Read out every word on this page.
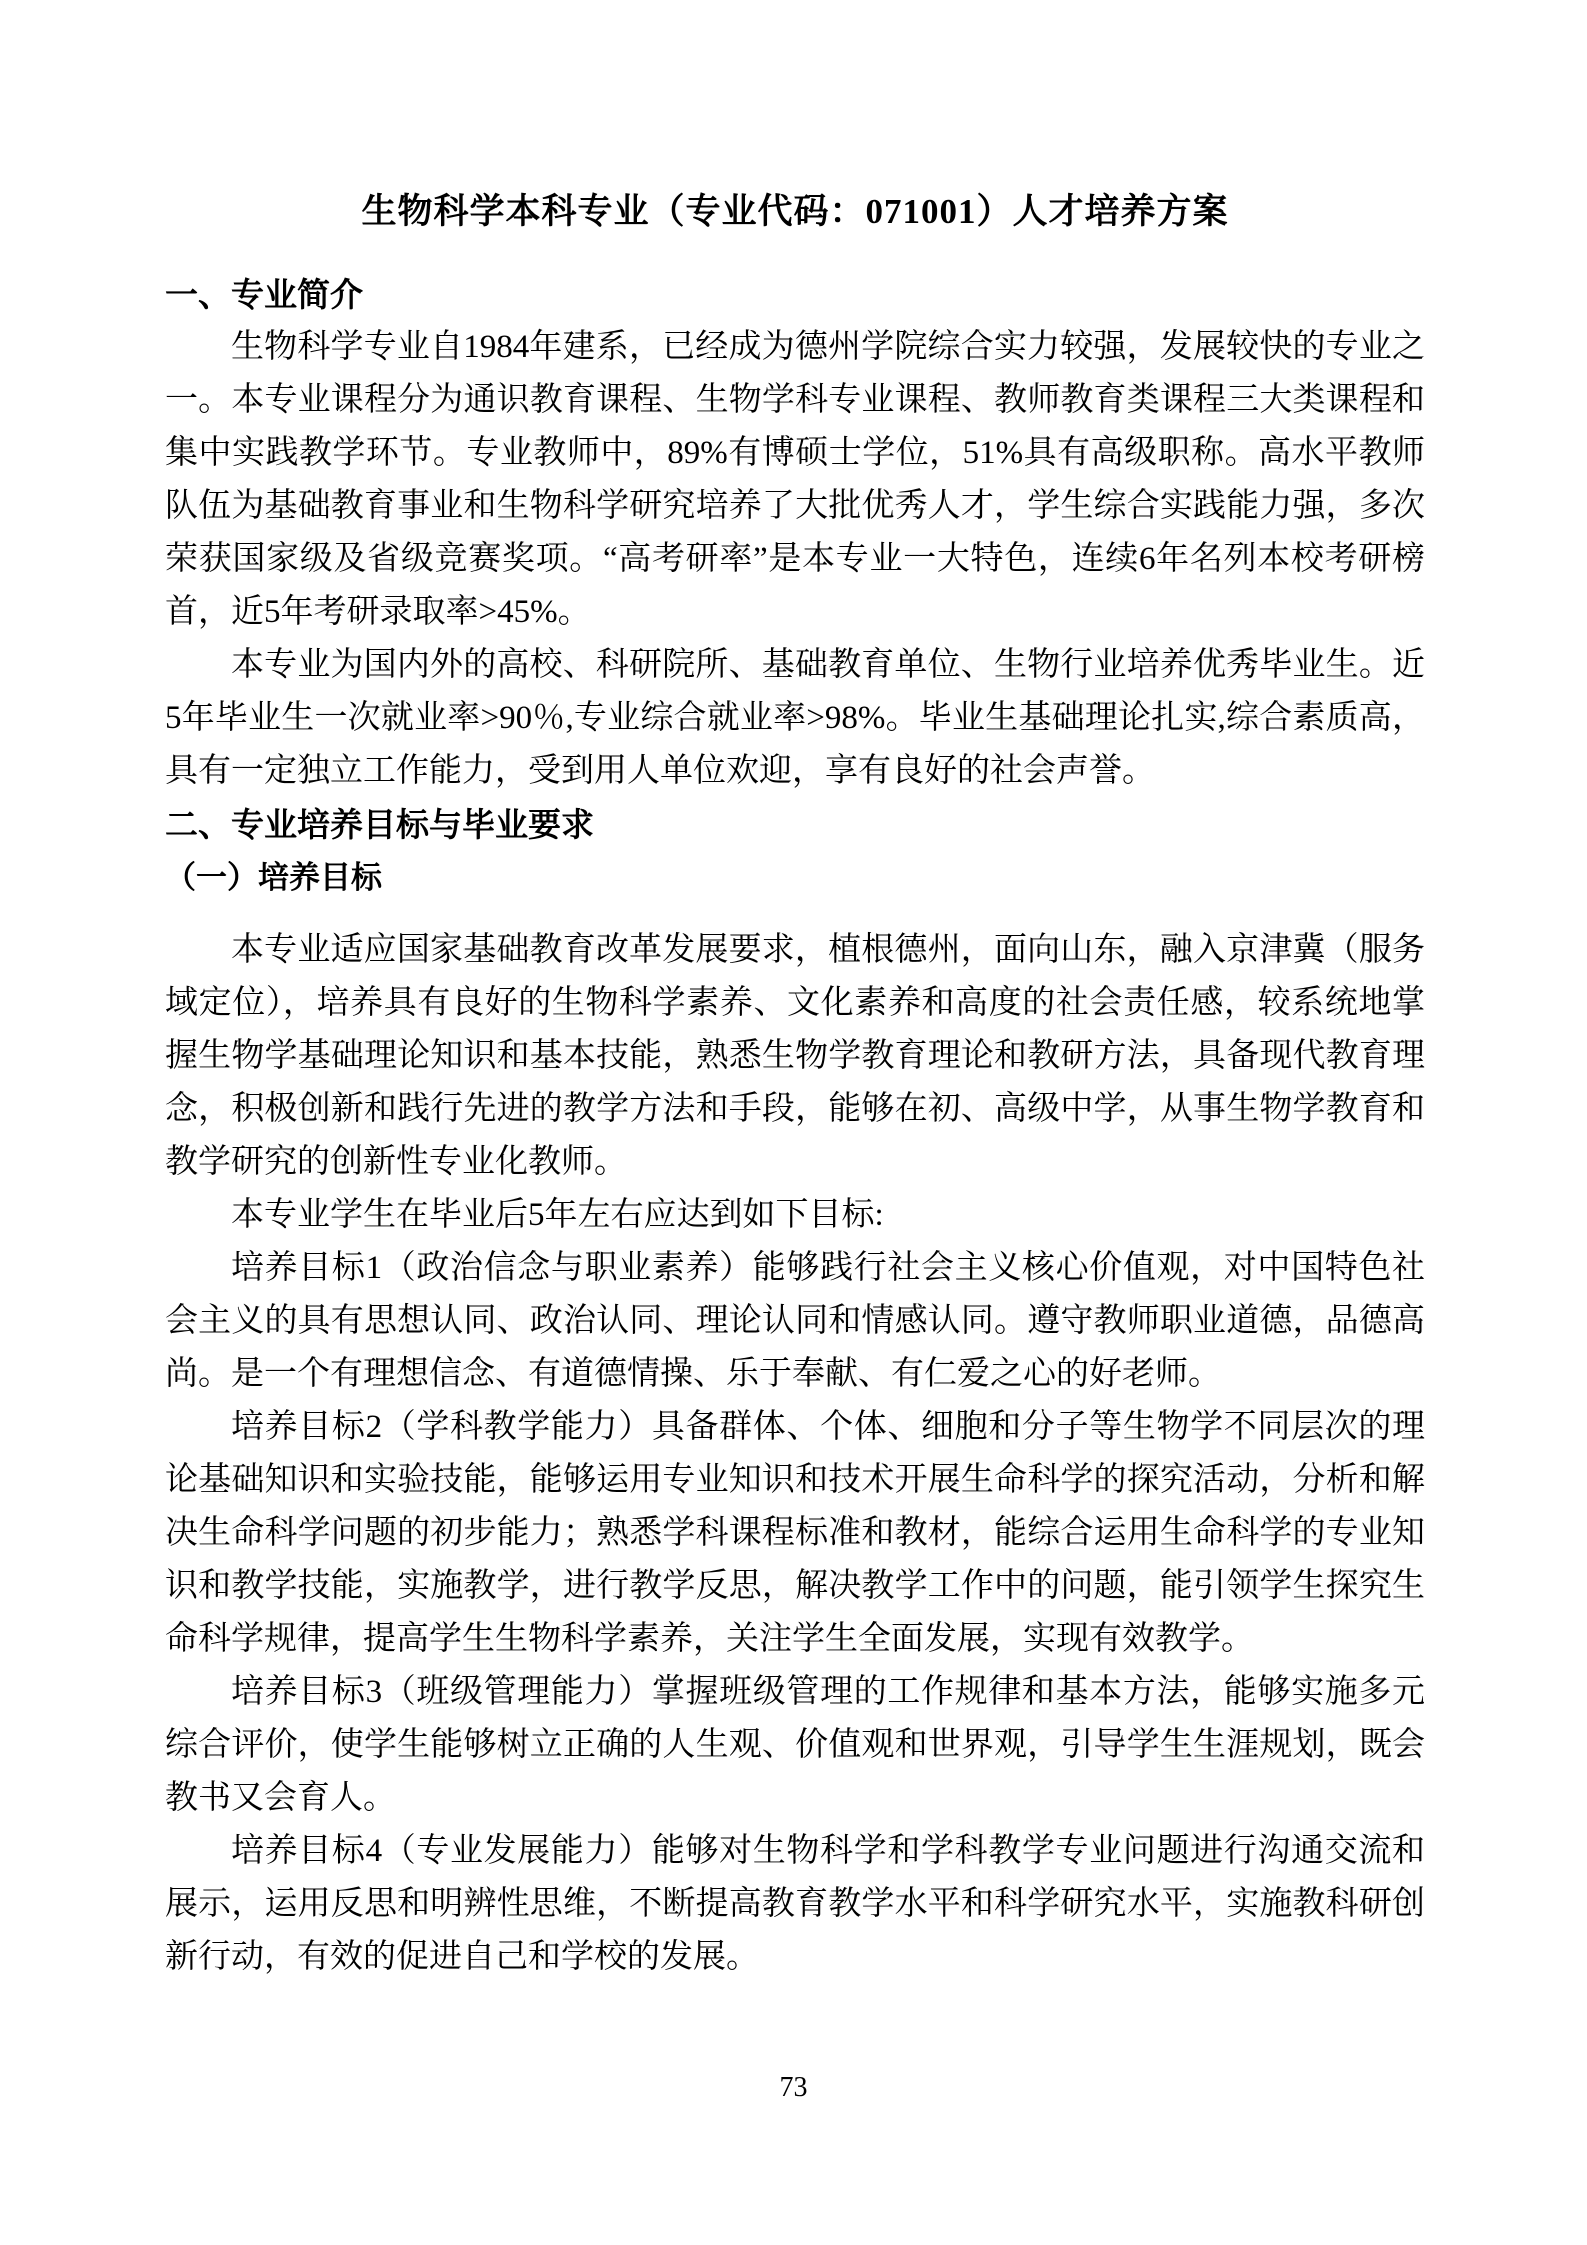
生物科学本科专业（专业代码：071001）人才培养方案
一、专业简介

生物科学专业自1984年建系，已经成为德州学院综合实力较强，发展较快的专业之一。本专业课程分为通识教育课程、生物学科专业课程、教师教育类课程三大类课程和集中实践教学环节。专业教师中，89%有博硕士学位，51%具有高级职称。高水平教师队伍为基础教育事业和生物科学研究培养了大批优秀人才，学生综合实践能力强，多次荣获国家级及省级竞赛奖项。“高考研率”是本专业一大特色，连续6年名列本校考研榜首，近5年考研录取率>45%。

本专业为国内外的高校、科研院所、基础教育单位、生物行业培养优秀毕业生。近5年毕业生一次就业率>90％,专业综合就业率>98%。毕业生基础理论扎实,综合素质高，具有一定独立工作能力，受到用人单位欢迎，享有良好的社会声誉。

二、专业培养目标与毕业要求
（一）培养目标

本专业适应国家基础教育改革发展要求，植根德州，面向山东，融入京津冀（服务域定位），培养具有良好的生物科学素养、文化素养和高度的社会责任感，较系统地掌握生物学基础理论知识和基本技能，熟悉生物学教育理论和教研方法，具备现代教育理念，积极创新和践行先进的教学方法和手段，能够在初、高级中学，从事生物学教育和教学研究的创新性专业化教师。

本专业学生在毕业后5年左右应达到如下目标:

培养目标1（政治信念与职业素养）能够践行社会主义核心价值观，对中国特色社会主义的具有思想认同、政治认同、理论认同和情感认同。遵守教师职业道德，品德高尚。是一个有理想信念、有道德情操、乐于奉献、有仁爱之心的好老师。

培养目标2（学科教学能力）具备群体、个体、细胞和分子等生物学不同层次的理论基础知识和实验技能，能够运用专业知识和技术开展生命科学的探究活动，分析和解决生命科学问题的初步能力；熟悉学科课程标准和教材，能综合运用生命科学的专业知识和教学技能，实施教学，进行教学反思，解决教学工作中的问题，能引领学生探究生命科学规律，提高学生生物科学素养，关注学生全面发展，实现有效教学。

培养目标3（班级管理能力）掌握班级管理的工作规律和基本方法，能够实施多元综合评价，使学生能够树立正确的人生观、价值观和世界观，引导学生生涯规划，既会教书又会育人。

培养目标4（专业发展能力）能够对生物科学和学科教学专业问题进行沟通交流和展示，运用反思和明辨性思维，不断提高教育教学水平和科学研究水平，实施教科研创新行动，有效的促进自己和学校的发展。

73
